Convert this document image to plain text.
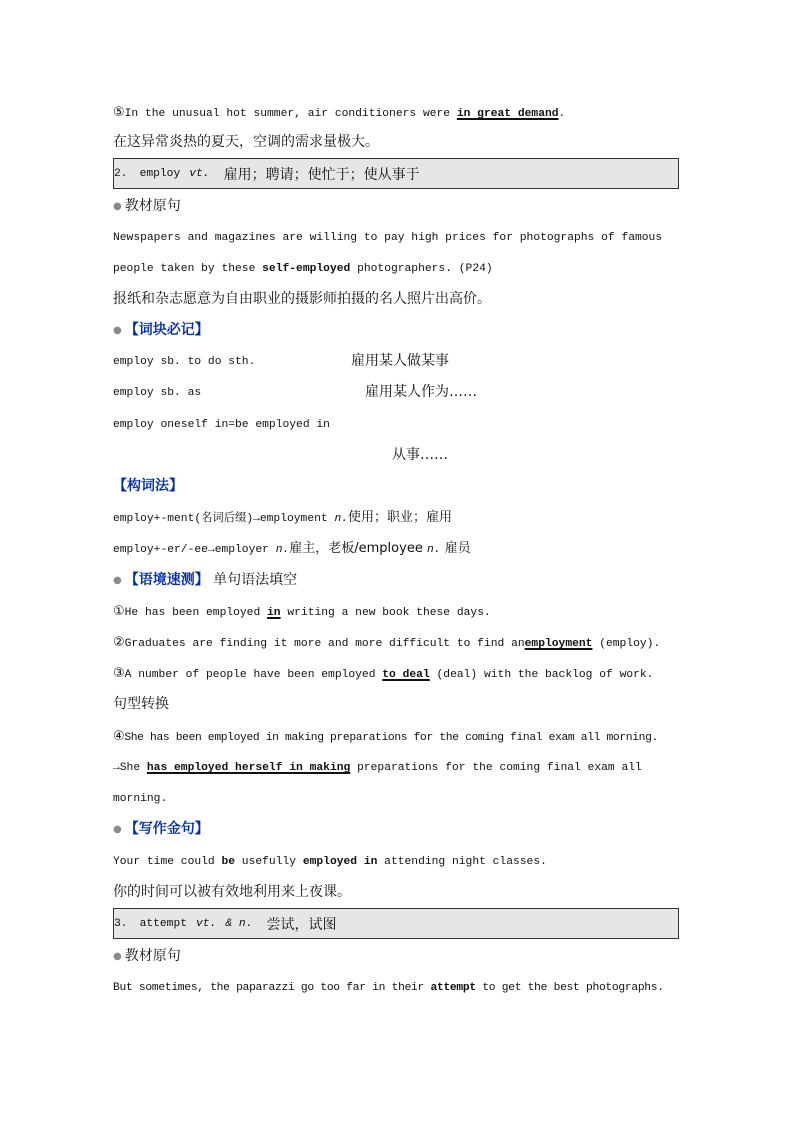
⑤In the unusual hot summer, air conditioners were in great demand.
在这异常炎热的夏天，空调的需求量极大。
2. employ vt. 雇用；聘请；使忙于；使从事于
● 教材原句
Newspapers and magazines are willing to pay high prices for photographs of famous
people taken by these self-employed photographers. (P24)
报纸和杂志愿意为自由职业的摄影师拍摄的名人照片出高价。
● 【词块必记】
employ sb. to do sth.	雇用某人做某事
employ sb. as	雇用某人作为……
employ oneself in=be employed in
从事……
【构词法】
employ+-ment(名词后缀)→employment n.使用；职业；雇用
employ+-er/-ee→employer n.雇主，老板/employee n. 雇员
● 【语境速测】 单句语法填空
①He has been employed in writing a new book these days.
②Graduates are finding it more and more difficult to find anemployment (employ).
③A number of people have been employed to deal (deal) with the backlog of work.
句型转换
④She has been employed in making preparations for the coming final exam all morning.
→She has employed herself in making preparations for the coming final exam all
morning.
● 【写作金句】
Your time could be usefully employed in attending night classes.
你的时间可以被有效地利用来上夜课。
3. attempt vt. & n. 尝试，试图
● 教材原句
But sometimes, the paparazzi go too far in their attempt to get the best photographs.
